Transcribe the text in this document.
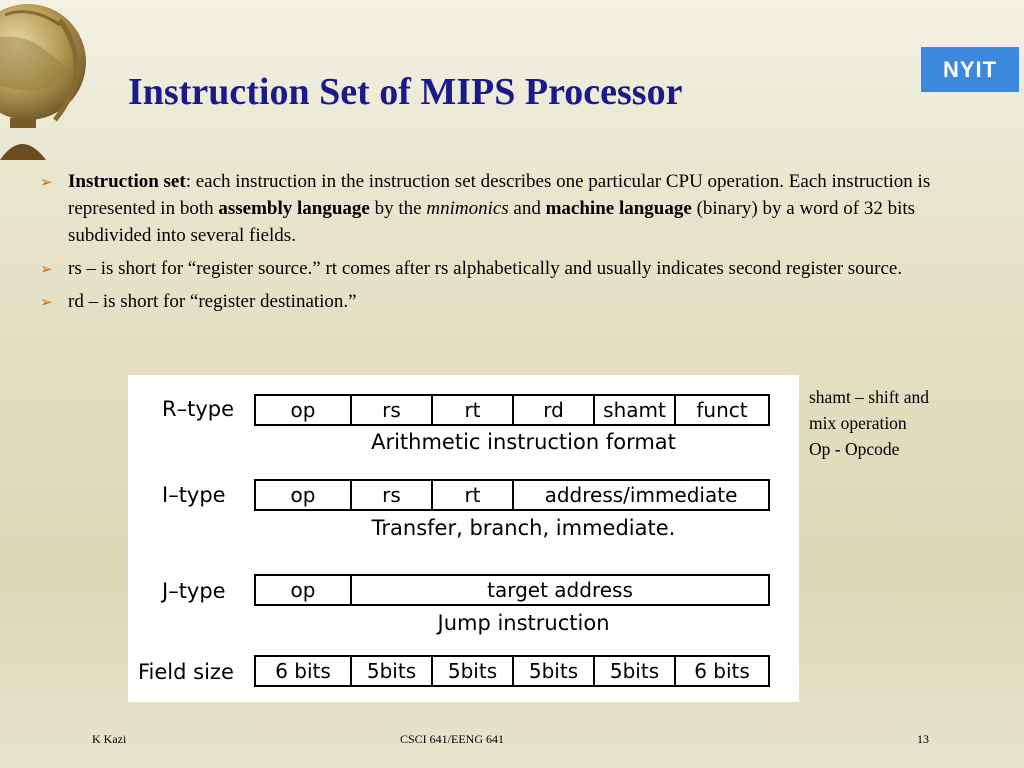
Instruction Set of MIPS Processor
NYIT
➢ Instruction set: each instruction in the instruction set describes one particular CPU operation. Each instruction is represented in both assembly language by the mnimonics and machine language (binary) by a word of 32 bits subdivided into several fields.
➢ rs – is short for “register source.” rt comes after rs alphabetically and usually indicates second register source.
➢ rd – is short for “register destination.”
R–type	op	rs	rt	rd	shamt	funct
Arithmetic instruction format
I–type	op	rs	rt	address/immediate
Transfer, branch, immediate.
J–type	op	target address
Jump instruction
Field size	6 bits	5bits	5bits	5bits	5bits	6 bits
shamt – shift and
mix operation
Op - Opcode
K Kazi	CSCI 641/EENG 641	13
